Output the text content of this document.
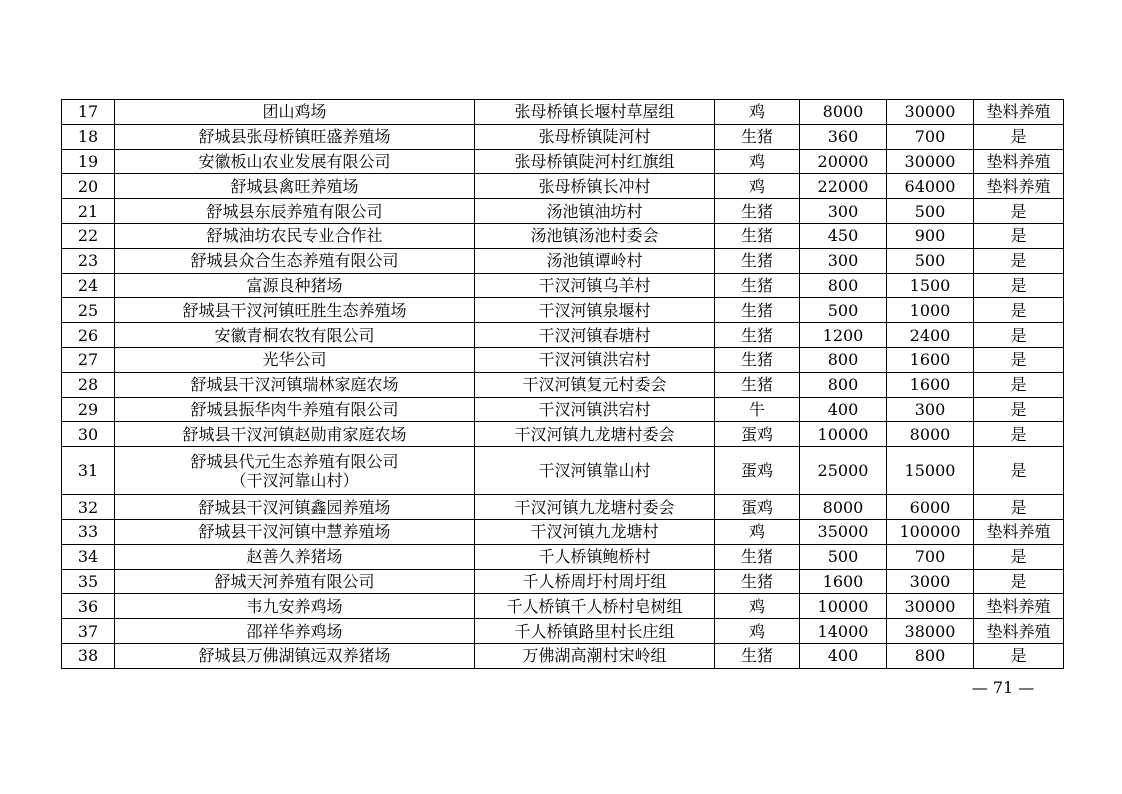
17	团山鸡场	张母桥镇长堰村草屋组	鸡	8000	30000	垫料养殖
18	舒城县张母桥镇旺盛养殖场	张母桥镇陡河村	生猪	360	700	是
19	安徽板山农业发展有限公司	张母桥镇陡河村红旗组	鸡	20000	30000	垫料养殖
20	舒城县禽旺养殖场	张母桥镇长冲村	鸡	22000	64000	垫料养殖
21	舒城县东辰养殖有限公司	汤池镇油坊村	生猪	300	500	是
22	舒城油坊农民专业合作社	汤池镇汤池村委会	生猪	450	900	是
23	舒城县众合生态养殖有限公司	汤池镇谭岭村	生猪	300	500	是
24	富源良种猪场	干汊河镇乌羊村	生猪	800	1500	是
25	舒城县干汊河镇旺胜生态养殖场	干汊河镇泉堰村	生猪	500	1000	是
26	安徽青桐农牧有限公司	干汊河镇春塘村	生猪	1200	2400	是
27	光华公司	干汊河镇洪宕村	生猪	800	1600	是
28	舒城县干汊河镇瑞林家庭农场	干汊河镇复元村委会	生猪	800	1600	是
29	舒城县振华肉牛养殖有限公司	干汊河镇洪宕村	牛	400	300	是
30	舒城县干汊河镇赵勋甫家庭农场	干汊河镇九龙塘村委会	蛋鸡	10000	8000	是
31	舒城县代元生态养殖有限公司
（干汊河靠山村）	干汊河镇靠山村	蛋鸡	25000	15000	是
32	舒城县干汊河镇鑫园养殖场	干汊河镇九龙塘村委会	蛋鸡	8000	6000	是
33	舒城县干汊河镇中慧养殖场	干汊河镇九龙塘村	鸡	35000	100000	垫料养殖
34	赵善久养猪场	千人桥镇鲍桥村	生猪	500	700	是
35	舒城天河养殖有限公司	千人桥周圩村周圩组	生猪	1600	3000	是
36	韦九安养鸡场	千人桥镇千人桥村皂树组	鸡	10000	30000	垫料养殖
37	邵祥华养鸡场	千人桥镇路里村长庄组	鸡	14000	38000	垫料养殖
38	舒城县万佛湖镇远双养猪场	万佛湖高潮村宋岭组	生猪	400	800	是
— 71 —
